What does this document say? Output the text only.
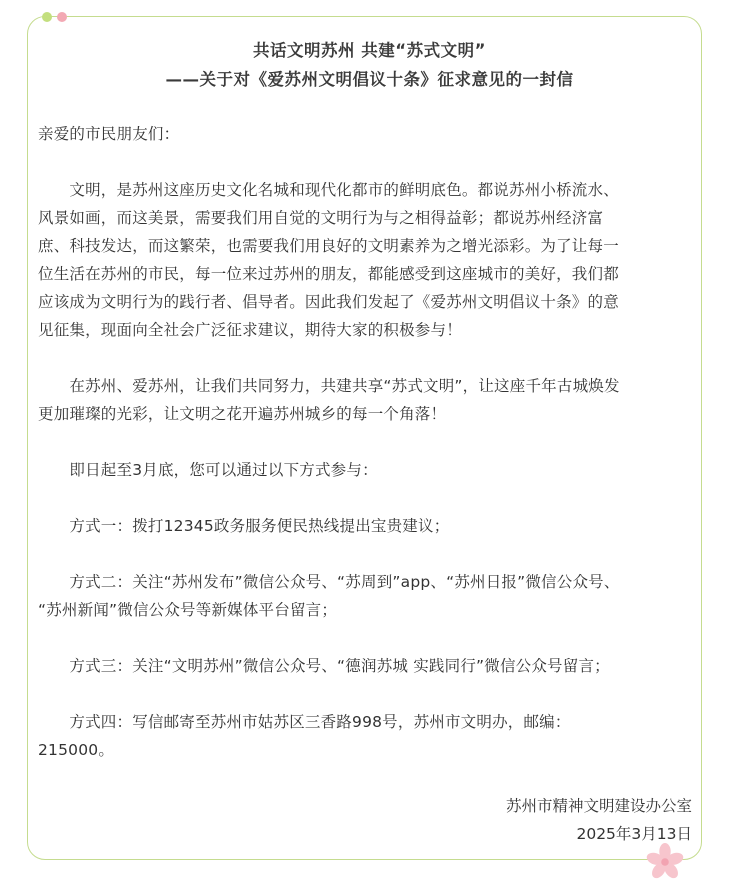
共话文明苏州 共建“苏式文明”
——关于对《爱苏州文明倡议十条》征求意见的一封信
亲爱的市民朋友们：
　　文明，是苏州这座历史文化名城和现代化都市的鲜明底色。都说苏州小桥流水、
风景如画，而这美景，需要我们用自觉的文明行为与之相得益彰；都说苏州经济富
庶、科技发达，而这繁荣，也需要我们用良好的文明素养为之增光添彩。为了让每一
位生活在苏州的市民，每一位来过苏州的朋友，都能感受到这座城市的美好，我们都
应该成为文明行为的践行者、倡导者。因此我们发起了《爱苏州文明倡议十条》的意
见征集，现面向全社会广泛征求建议，期待大家的积极参与！
　　在苏州、爱苏州，让我们共同努力，共建共享“苏式文明”，让这座千年古城焕发
更加璀璨的光彩，让文明之花开遍苏州城乡的每一个角落！
　　即日起至3月底，您可以通过以下方式参与：
　　方式一：拨打12345政务服务便民热线提出宝贵建议；
　　方式二：关注“苏州发布”微信公众号、“苏周到”app、“苏州日报”微信公众号、
“苏州新闻”微信公众号等新媒体平台留言；
　　方式三：关注“文明苏州”微信公众号、“德润苏城 实践同行”微信公众号留言；
　　方式四：写信邮寄至苏州市姑苏区三香路998号，苏州市文明办，邮编：
215000。
苏州市精神文明建设办公室
2025年3月13日
